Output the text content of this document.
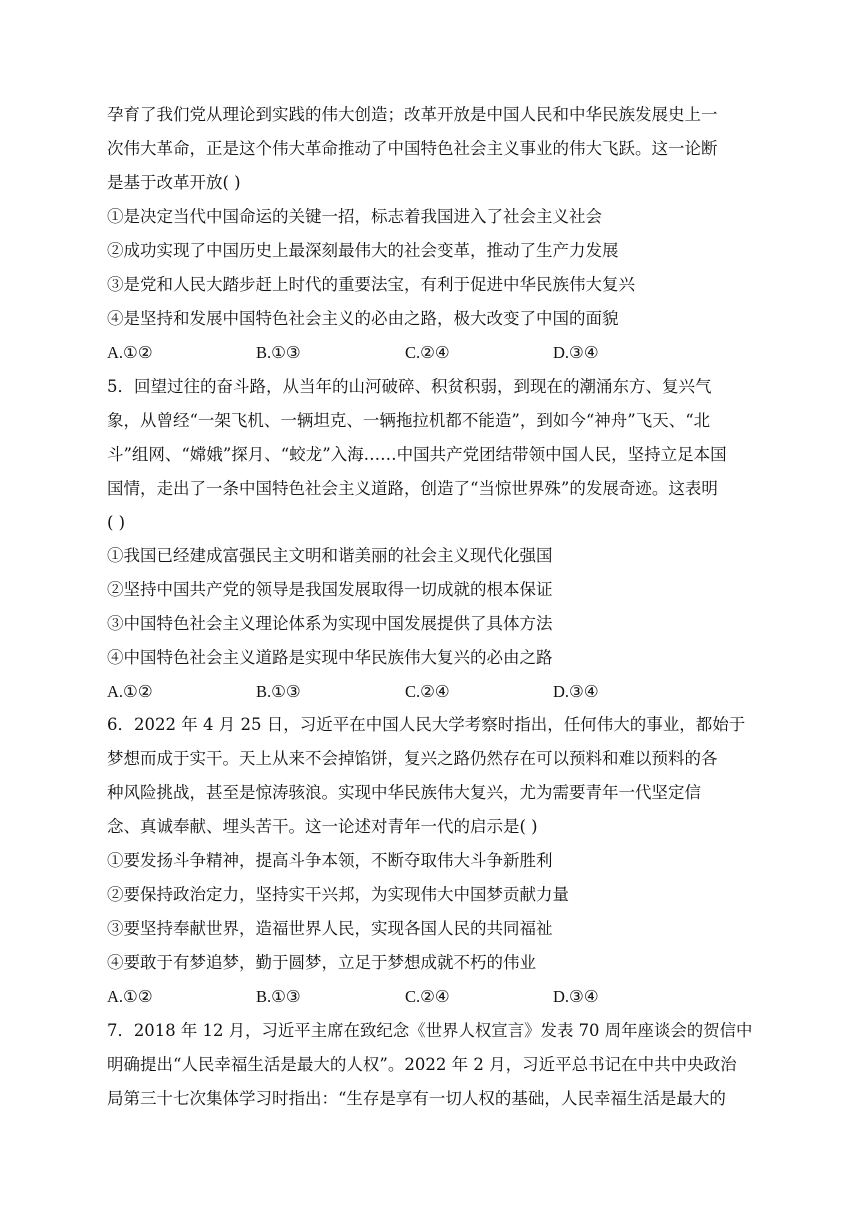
孕育了我们党从理论到实践的伟大创造；改革开放是中国人民和中华民族发展史上一
次伟大革命，正是这个伟大革命推动了中国特色社会主义事业的伟大飞跃。这一论断
是基于改革开放( )
①是决定当代中国命运的关键一招，标志着我国进入了社会主义社会
②成功实现了中国历史上最深刻最伟大的社会变革，推动了生产力发展
③是党和人民大踏步赶上时代的重要法宝，有利于促进中华民族伟大复兴
④是坚持和发展中国特色社会主义的必由之路，极大改变了中国的面貌
A.①②	B.①③	C.②④	D.③④
5．回望过往的奋斗路，从当年的山河破碎、积贫积弱，到现在的潮涌东方、复兴气
象，从曾经“一架飞机、一辆坦克、一辆拖拉机都不能造”，到如今“神舟”飞天、“北
斗”组网、“嫦娥”探月、“蛟龙”入海……中国共产党团结带领中国人民，坚持立足本国
国情，走出了一条中国特色社会主义道路，创造了“当惊世界殊”的发展奇迹。这表明
( )
①我国已经建成富强民主文明和谐美丽的社会主义现代化强国
②坚持中国共产党的领导是我国发展取得一切成就的根本保证
③中国特色社会主义理论体系为实现中国发展提供了具体方法
④中国特色社会主义道路是实现中华民族伟大复兴的必由之路
A.①②	B.①③	C.②④	D.③④
6．2022 年 4 月 25 日，习近平在中国人民大学考察时指出，任何伟大的事业，都始于
梦想而成于实干。天上从来不会掉馅饼，复兴之路仍然存在可以预料和难以预料的各
种风险挑战，甚至是惊涛骇浪。实现中华民族伟大复兴，尤为需要青年一代坚定信
念、真诚奉献、埋头苦干。这一论述对青年一代的启示是( )
①要发扬斗争精神，提高斗争本领，不断夺取伟大斗争新胜利
②要保持政治定力，坚持实干兴邦，为实现伟大中国梦贡献力量
③要坚持奉献世界，造福世界人民，实现各国人民的共同福祉
④要敢于有梦追梦，勤于圆梦，立足于梦想成就不朽的伟业
A.①②	B.①③	C.②④	D.③④
7．2018 年 12 月，习近平主席在致纪念《世界人权宣言》发表 70 周年座谈会的贺信中
明确提出“人民幸福生活是最大的人权”。2022 年 2 月，习近平总书记在中共中央政治
局第三十七次集体学习时指出：“生存是享有一切人权的基础，人民幸福生活是最大的
